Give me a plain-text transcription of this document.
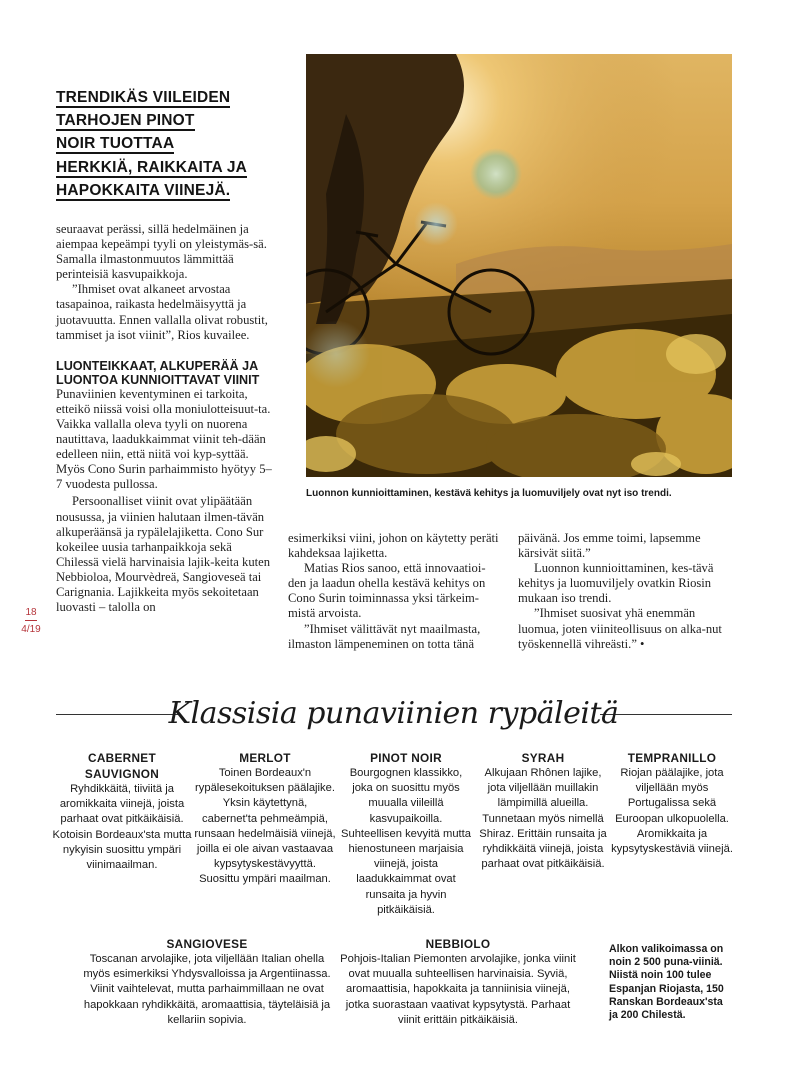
TRENDIKÄS VIILEIDEN
TARHOJEN PINOT
NOIR TUOTTAA
HERKKIÄ, RAIKKAITA JA
HAPOKKAITA VIINEJÄ.

seuraavat perässi, sillä hedelmäinen ja aiempaa kepeämpi tyyli on yleistymäs-sä. Samalla ilmastonmuutos lämmittää perinteisiä kasvupaikkoja.

”Ihmiset ovat alkaneet arvostaa tasapainoa, raikasta hedelmäisyyttä ja juotavuutta. Ennen vallalla olivat robustit, tammiset ja isot viinit”, Rios kuvailee.

LUONTEIKKAAT, ALKUPERÄÄ JA LUONTOA KUNNIOITTAVAT VIINIT

Punaviinien keventyminen ei tarkoita, etteikö niissä voisi olla moniulotteisuut-ta. Vaikka vallalla oleva tyyli on nuorena nautittava, laadukkaimmat viinit teh-dään edelleen niin, että niitä voi kyp-syttää. Myös Cono Surin parhaimmisto hyötyy 5–7 vuodesta pullossa.

Persoonalliset viinit ovat ylipäätään nousussa, ja viinien halutaan ilmen-tävän alkuperäänsä ja rypälelajiketta. Cono Sur kokeilee uusia tarhanpaikkoja sekä Chilessä vielä harvinaisia lajik-keita kuten Nebbioloa, Mourvèdreä, Sangioveseä tai Carignania. Lajikkeita myös sekoitetaan luovasti – talolla on

esimerkiksi viini, johon on käytetty peräti kahdeksaa lajiketta.

Matias Rios sanoo, että innovaatioi-den ja laadun ohella kestävä kehitys on Cono Surin toiminnassa yksi tärkeim-mistä arvoista.

”Ihmiset välittävät nyt maailmasta, ilmaston lämpeneminen on totta tänä

päivänä. Jos emme toimi, lapsemme kärsivät siitä.”

Luonnon kunnioittaminen, kes-tävä kehitys ja luomuviljely ovatkin Riosin mukaan iso trendi.

”Ihmiset suosivat yhä enemmän luomua, joten viiniteollisuus on alka-nut työskennellä vihreästi.” •

Luonnon kunnioittaminen, kestävä kehitys ja luomuviljely ovat nyt iso trendi.
18
4/19
Klassisia punaviinien rypäleitä
CABERNET SAUVIGNON
Ryhdikkäitä, tiiviitä ja aromikkaita viinejä, joista parhaat ovat pitkäikäisiä. Kotoisin Bordeaux'sta mutta nykyisin suosittu ympäri viinimaailman.
MERLOT
Toinen Bordeaux'n rypälesekoituksen päälajike. Yksin käytettynä, cabernet'ta pehmeämpiä, runsaan hedelmäisiä viinejä, joilla ei ole aivan vastaavaa kypsytyskestävyyttä. Suosittu ympäri maailman.
PINOT NOIR
Bourgognen klassikko, joka on suosittu myös muualla viileillä kasvupaikoilla. Suhteellisen kevyitä mutta hienostuneen marjaisia viinejä, joista laadukkaimmat ovat runsaita ja hyvin pitkäikäisiä.
SYRAH
Alkujaan Rhônen lajike, jota viljellään muillakin lämpimillä alueilla. Tunnetaan myös nimellä Shiraz. Erittäin runsaita ja ryhdikkäitä viinejä, joista parhaat ovat pitkäikäisiä.
TEMPRANILLO
Riojan päälajike, jota viljellään myös Portugalissa sekä Euroopan ulkopuolella. Aromikkaita ja kypsytyskestäviä viinejä.
SANGIOVESE
Toscanan arvolajike, jota viljellään Italian ohella myös esimerkiksi Yhdysvalloissa ja Argentiinassa. Viinit vaihtelevat, mutta parhaimmillaan ne ovat hapokkaan ryhdikkäitä, aromaattisia, täyteläisiä ja kellariin sopivia.
NEBBIOLO
Pohjois-Italian Piemonten arvolajike, jonka viinit ovat muualla suhteellisen harvinaisia. Syviä, aromaattisia, hapokkaita ja tanniinisia viinejä, jotka suorastaan vaativat kypsytystä. Parhaat viinit erittäin pitkäikäisiä.
Alkon valikoimassa on noin 2 500 puna-viiniä. Niistä noin 100 tulee Espanjan Riojasta, 150 Ranskan Bordeaux'sta ja 200 Chilestä.
